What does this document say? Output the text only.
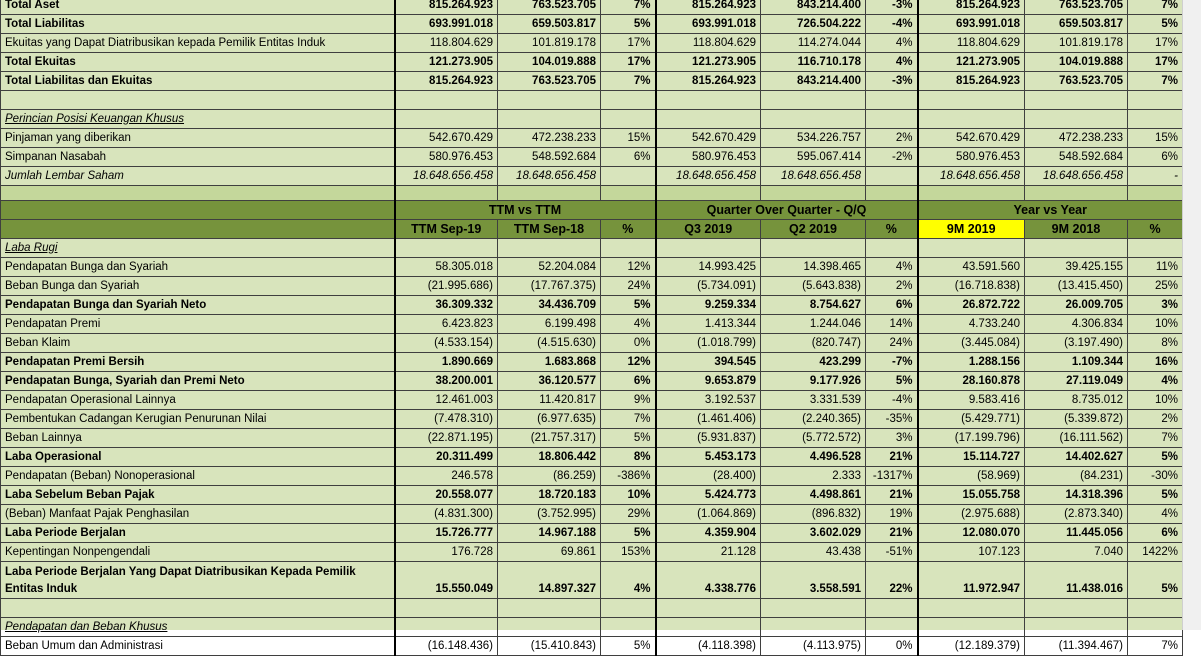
Total Aset	815.264.923	763.523.705	7%	815.264.923	843.214.400	-3%	815.264.923	763.523.705	7%
Total Liabilitas	693.991.018	659.503.817	5%	693.991.018	726.504.222	-4%	693.991.018	659.503.817	5%
Ekuitas yang Dapat Diatribusikan kepada Pemilik Entitas Induk	118.804.629	101.819.178	17%	118.804.629	114.274.044	4%	118.804.629	101.819.178	17%
Total Ekuitas	121.273.905	104.019.888	17%	121.273.905	116.710.178	4%	121.273.905	104.019.888	17%
Total Liabilitas dan Ekuitas	815.264.923	763.523.705	7%	815.264.923	843.214.400	-3%	815.264.923	763.523.705	7%

Perincian Posisi Keuangan Khusus									
Pinjaman yang diberikan	542.670.429	472.238.233	15%	542.670.429	534.226.757	2%	542.670.429	472.238.233	15%
Simpanan Nasabah	580.976.453	548.592.684	6%	580.976.453	595.067.414	-2%	580.976.453	548.592.684	6%
Jumlah Lembar Saham	18.648.656.458	18.648.656.458		18.648.656.458	18.648.656.458		18.648.656.458	18.648.656.458	-

	TTM vs TTM			Quarter Over Quarter - Q/Q			Year vs Year		
	TTM Sep-19	TTM Sep-18	%	Q3 2019	Q2 2019	%	9M 2019	9M 2018	%
Laba Rugi									
Pendapatan Bunga dan Syariah	58.305.018	52.204.084	12%	14.993.425	14.398.465	4%	43.591.560	39.425.155	11%
Beban Bunga dan Syariah	(21.995.686)	(17.767.375)	24%	(5.734.091)	(5.643.838)	2%	(16.718.838)	(13.415.450)	25%
Pendapatan Bunga dan Syariah Neto	36.309.332	34.436.709	5%	9.259.334	8.754.627	6%	26.872.722	26.009.705	3%
Pendapatan Premi	6.423.823	6.199.498	4%	1.413.344	1.244.046	14%	4.733.240	4.306.834	10%
Beban Klaim	(4.533.154)	(4.515.630)	0%	(1.018.799)	(820.747)	24%	(3.445.084)	(3.197.490)	8%
Pendapatan Premi Bersih	1.890.669	1.683.868	12%	394.545	423.299	-7%	1.288.156	1.109.344	16%
Pendapatan Bunga, Syariah dan Premi Neto	38.200.001	36.120.577	6%	9.653.879	9.177.926	5%	28.160.878	27.119.049	4%
Pendapatan Operasional Lainnya	12.461.003	11.420.817	9%	3.192.537	3.331.539	-4%	9.583.416	8.735.012	10%
Pembentukan Cadangan Kerugian Penurunan Nilai	(7.478.310)	(6.977.635)	7%	(1.461.406)	(2.240.365)	-35%	(5.429.771)	(5.339.872)	2%
Beban Lainnya	(22.871.195)	(21.757.317)	5%	(5.931.837)	(5.772.572)	3%	(17.199.796)	(16.111.562)	7%
Laba Operasional	20.311.499	18.806.442	8%	5.453.173	4.496.528	21%	15.114.727	14.402.627	5%
Pendapatan (Beban) Nonoperasional	246.578	(86.259)	-386%	(28.400)	2.333	-1317%	(58.969)	(84.231)	-30%
Laba Sebelum Beban Pajak	20.558.077	18.720.183	10%	5.424.773	4.498.861	21%	15.055.758	14.318.396	5%
(Beban) Manfaat Pajak Penghasilan	(4.831.300)	(3.752.995)	29%	(1.064.869)	(896.832)	19%	(2.975.688)	(2.873.340)	4%
Laba Periode Berjalan	15.726.777	14.967.188	5%	4.359.904	3.602.029	21%	12.080.070	11.445.056	6%
Kepentingan Nonpengendali	176.728	69.861	153%	21.128	43.438	-51%	107.123	7.040	1422%
Laba Periode Berjalan Yang Dapat Diatribusikan Kepada Pemilik Entitas Induk	15.550.049	14.897.327	4%	4.338.776	3.558.591	22%	11.972.947	11.438.016	5%

Pendapatan dan Beban Khusus									
Beban Umum dan Administrasi	(16.148.436)	(15.410.843)	5%	(4.118.398)	(4.113.975)	0%	(12.189.379)	(11.394.467)	7%
